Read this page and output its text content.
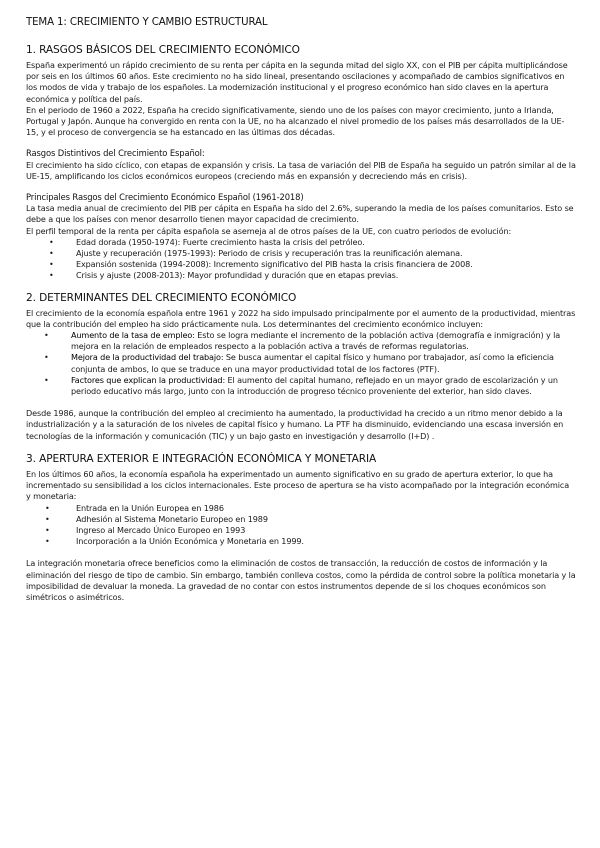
TEMA 1: CRECIMIENTO Y CAMBIO ESTRUCTURAL
1. RASGOS BÁSICOS DEL CRECIMIENTO ECONÓMICO

España experimentó un rápido crecimiento de su renta per cápita en la segunda mitad del siglo XX, con el PIB per cápita multiplicándose por seis en los últimos 60 años. Este crecimiento no ha sido lineal, presentando oscilaciones y acompañado de cambios significativos en los modos de vida y trabajo de los españoles. La modernización institucional y el progreso económico han sido claves en la apertura económica y política del país.

En el periodo de 1960 a 2022, España ha crecido significativamente, siendo uno de los países con mayor crecimiento, junto a Irlanda, Portugal y Japón. Aunque ha convergido en renta con la UE, no ha alcanzado el nivel promedio de los países más desarrollados de la UE-15, y el proceso de convergencia se ha estancado en las últimas dos décadas.

Rasgos Distintivos del Crecimiento Español:

El crecimiento ha sido cíclico, con etapas de expansión y crisis. La tasa de variación del PIB de España ha seguido un patrón similar al de la UE-15, amplificando los ciclos económicos europeos (creciendo más en expansión y decreciendo más en crisis).

Principales Rasgos del Crecimiento Económico Español (1961-2018)

La tasa media anual de crecimiento del PIB per cápita en España ha sido del 2.6%, superando la media de los países comunitarios. Esto se debe a que los países con menor desarrollo tienen mayor capacidad de crecimiento.

El perfil temporal de la renta per cápita española se asemeja al de otros países de la UE, con cuatro periodos de evolución:

• Edad dorada (1950-1974): Fuerte crecimiento hasta la crisis del petróleo.
• Ajuste y recuperación (1975-1993): Periodo de crisis y recuperación tras la reunificación alemana.
• Expansión sostenida (1994-2008): Incremento significativo del PIB hasta la crisis financiera de 2008.
• Crisis y ajuste (2008-2013): Mayor profundidad y duración que en etapas previas.
2. DETERMINANTES DEL CRECIMIENTO ECONÓMICO

El crecimiento de la economía española entre 1961 y 2022 ha sido impulsado principalmente por el aumento de la productividad, mientras que la contribución del empleo ha sido prácticamente nula. Los determinantes del crecimiento económico incluyen:

• Aumento de la tasa de empleo: Esto se logra mediante el incremento de la población activa (demografía e inmigración) y la mejora en la relación de empleados respecto a la población activa a través de reformas regulatorias.
• Mejora de la productividad del trabajo: Se busca aumentar el capital físico y humano por trabajador, así como la eficiencia conjunta de ambos, lo que se traduce en una mayor productividad total de los factores (PTF).
• Factores que explican la productividad: El aumento del capital humano, reflejado en un mayor grado de escolarización y un periodo educativo más largo, junto con la introducción de progreso técnico proveniente del exterior, han sido claves.

Desde 1986, aunque la contribución del empleo al crecimiento ha aumentado, la productividad ha crecido a un ritmo menor debido a la industrialización y a la saturación de los niveles de capital físico y humano. La PTF ha disminuido, evidenciando una escasa inversión en tecnologías de la información y comunicación (TIC) y un bajo gasto en investigación y desarrollo (I+D) .

3. APERTURA EXTERIOR E INTEGRACIÓN ECONÓMICA Y MONETARIA

En los últimos 60 años, la economía española ha experimentado un aumento significativo en su grado de apertura exterior, lo que ha incrementado su sensibilidad a los ciclos internacionales. Este proceso de apertura se ha visto acompañado por la integración económica y monetaria:

• Entrada en la Unión Europea en 1986
• Adhesión al Sistema Monetario Europeo en 1989
• Ingreso al Mercado Único Europeo en 1993
• Incorporación a la Unión Económica y Monetaria en 1999.

La integración monetaria ofrece beneficios como la eliminación de costos de transacción, la reducción de costos de información y la eliminación del riesgo de tipo de cambio. Sin embargo, también conlleva costos, como la pérdida de control sobre la política monetaria y la imposibilidad de devaluar la moneda. La gravedad de no contar con estos instrumentos depende de si los choques económicos son simétricos o asimétricos.
